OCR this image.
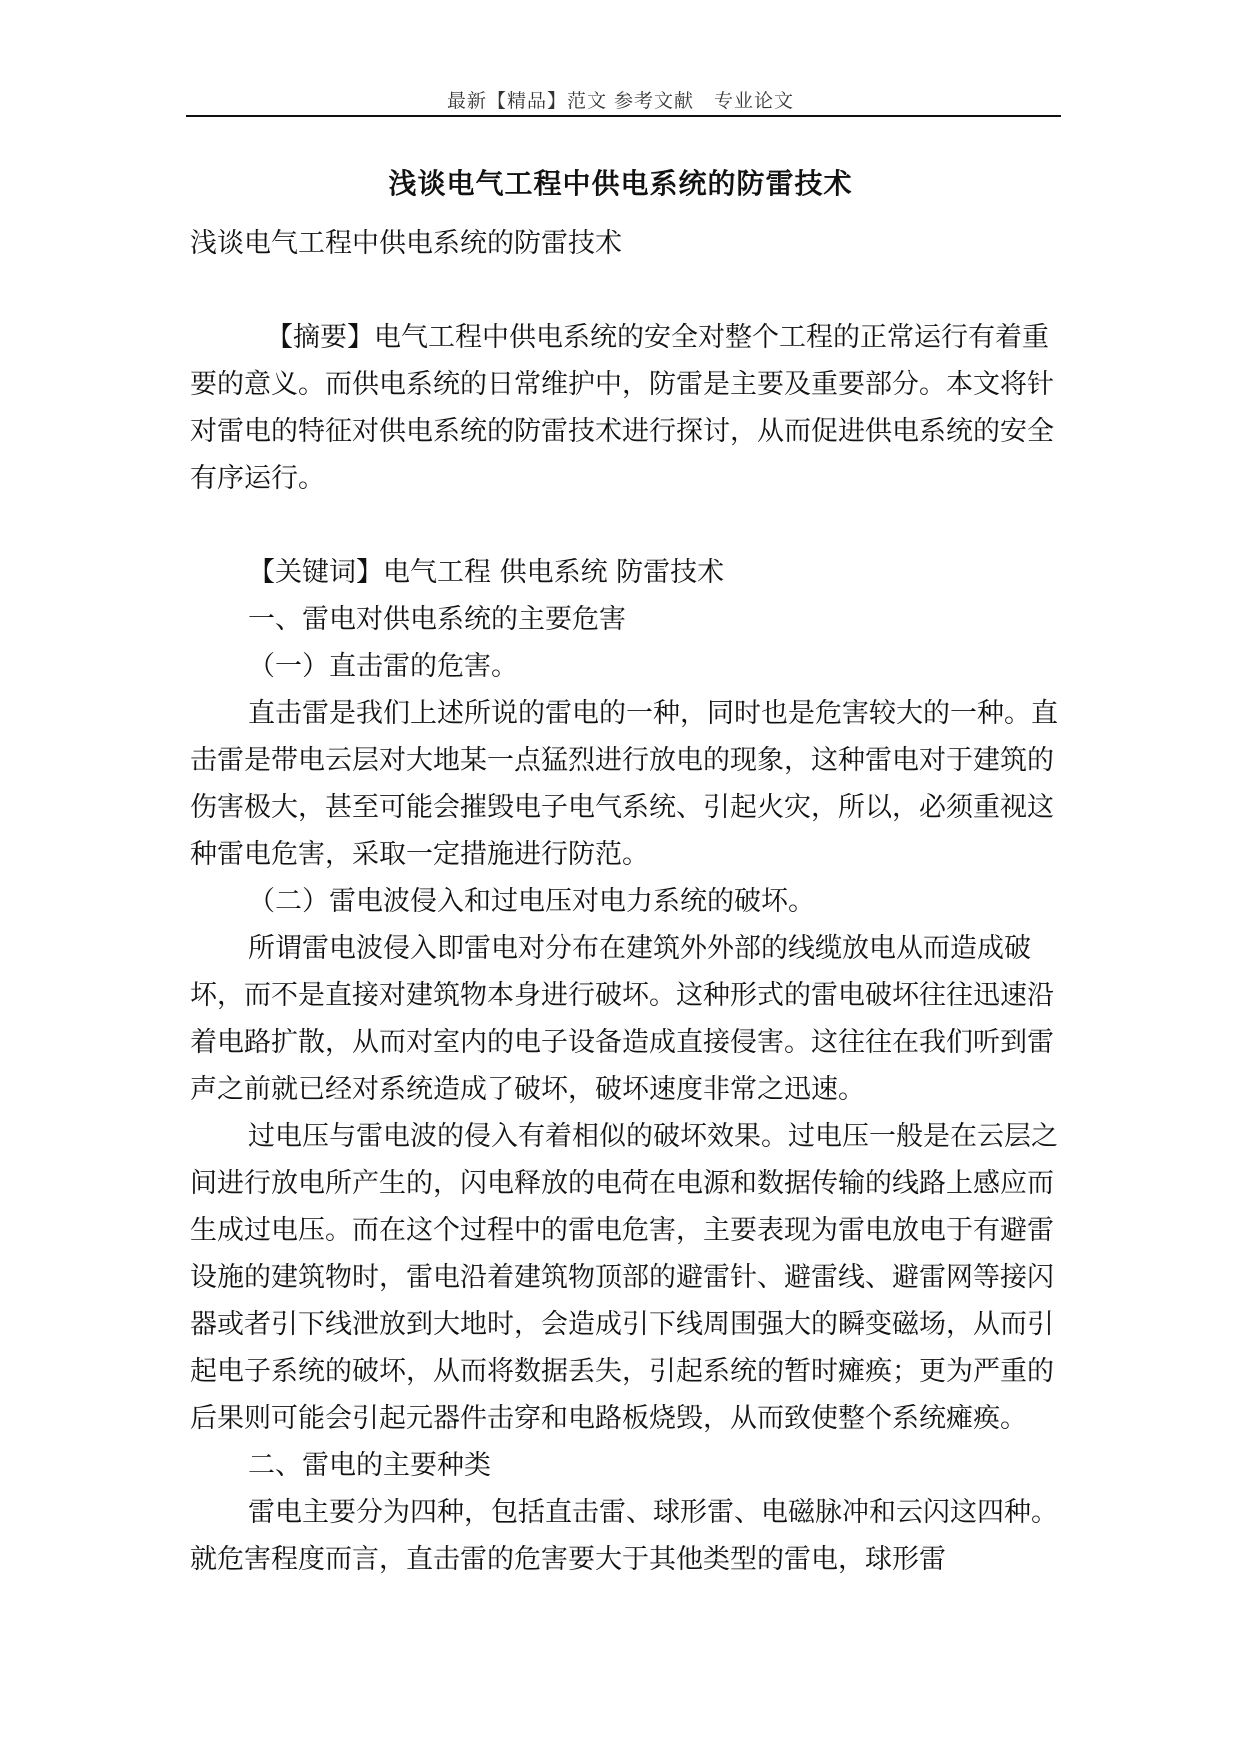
最新【精品】范文 参考文献　专业论文
浅谈电气工程中供电系统的防雷技术

浅谈电气工程中供电系统的防雷技术

【摘要】电气工程中供电系统的安全对整个工程的正常运行有着重要的意义。而供电系统的日常维护中，防雷是主要及重要部分。本文将针对雷电的特征对供电系统的防雷技术进行探讨，从而促进供电系统的安全有序运行。

【关键词】电气工程 供电系统 防雷技术

一、雷电对供电系统的主要危害

（一）直击雷的危害。

直击雷是我们上述所说的雷电的一种，同时也是危害较大的一种。直击雷是带电云层对大地某一点猛烈进行放电的现象，这种雷电对于建筑的伤害极大，甚至可能会摧毁电子电气系统、引起火灾，所以，必须重视这种雷电危害，采取一定措施进行防范。

（二）雷电波侵入和过电压对电力系统的破坏。

所谓雷电波侵入即雷电对分布在建筑外外部的线缆放电从而造成破坏，而不是直接对建筑物本身进行破坏。这种形式的雷电破坏往往迅速沿着电路扩散，从而对室内的电子设备造成直接侵害。这往往在我们听到雷声之前就已经对系统造成了破坏，破坏速度非常之迅速。

过电压与雷电波的侵入有着相似的破坏效果。过电压一般是在云层之间进行放电所产生的，闪电释放的电荷在电源和数据传输的线路上感应而生成过电压。而在这个过程中的雷电危害，主要表现为雷电放电于有避雷设施的建筑物时，雷电沿着建筑物顶部的避雷针、避雷线、避雷网等接闪器或者引下线泄放到大地时，会造成引下线周围强大的瞬变磁场，从而引起电子系统的破坏，从而将数据丢失，引起系统的暂时瘫痪；更为严重的后果则可能会引起元器件击穿和电路板烧毁，从而致使整个系统瘫痪。

二、雷电的主要种类

雷电主要分为四种，包括直击雷、球形雷、电磁脉冲和云闪这四种。就危害程度而言，直击雷的危害要大于其他类型的雷电，球形雷
